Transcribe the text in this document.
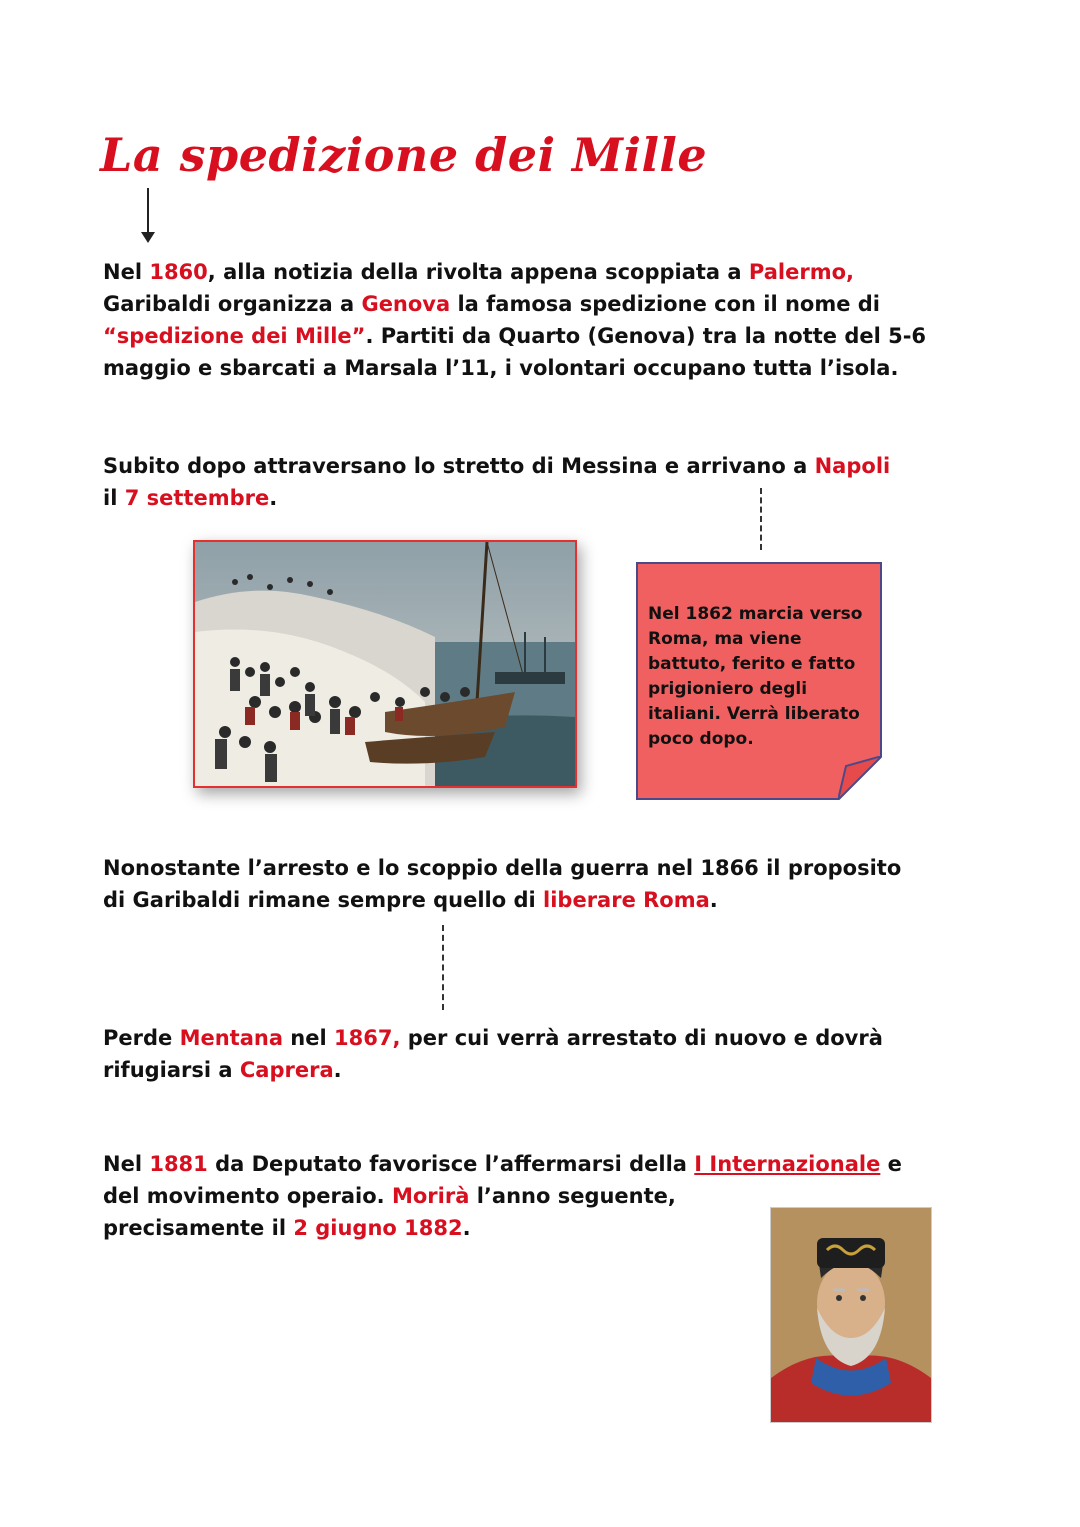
La spedizione dei Mille
Nel 1860, alla notizia della rivolta appena scoppiata a Palermo,
Garibaldi organizza a Genova la famosa spedizione con il nome di
“spedizione dei Mille”. Partiti da Quarto (Genova) tra la notte del 5-6
maggio e sbarcati a Marsala l’11, i volontari occupano tutta l’isola.
Subito dopo attraversano lo stretto di Messina e arrivano a Napoli
il 7 settembre.
Nel 1862 marcia verso Roma, ma viene battuto, ferito e fatto prigioniero degli italiani. Verrà liberato poco dopo.
Nonostante l’arresto e lo scoppio della guerra nel 1866 il proposito
di Garibaldi rimane sempre quello di liberare Roma.
Perde Mentana nel 1867, per cui verrà arrestato di nuovo e dovrà
rifugiarsi a Caprera.
Nel 1881 da Deputato favorisce l’affermarsi della I Internazionale e
del movimento operaio. Morirà l’anno seguente,
precisamente il 2 giugno 1882.
